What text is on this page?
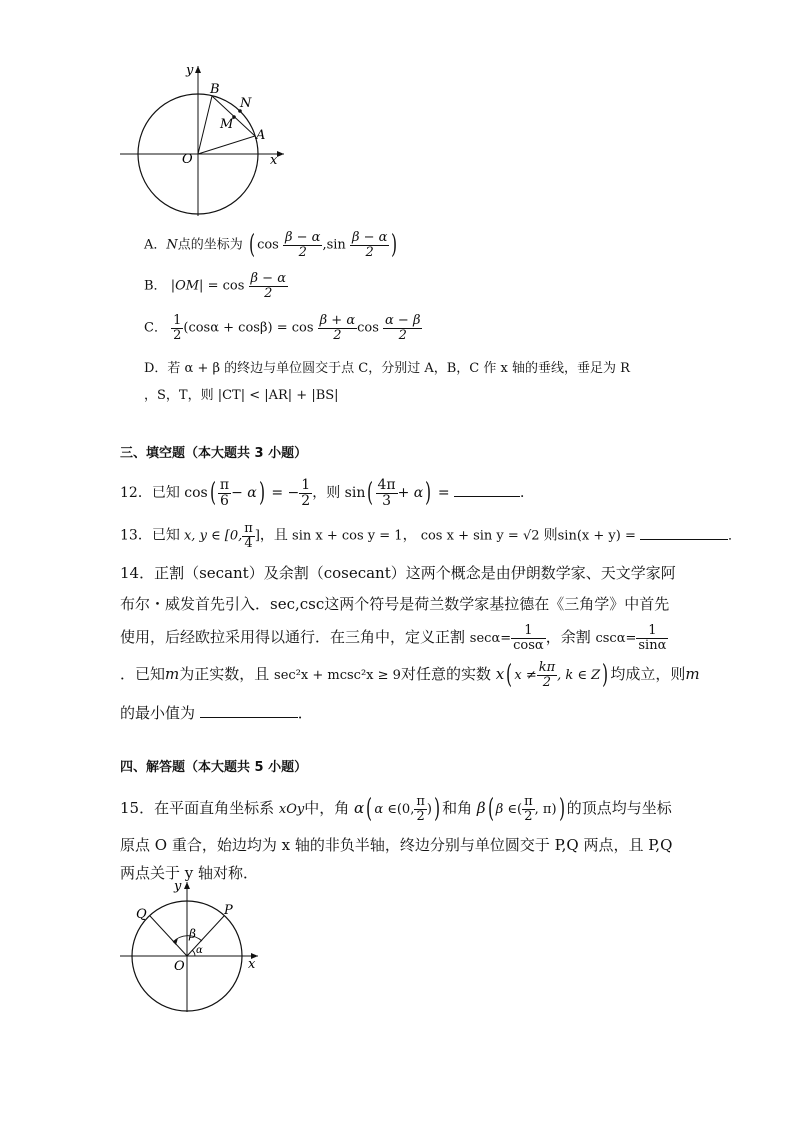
y
x
B
N
M
A
O
A．N点的坐标为 ( $\cos \frac{\beta - \alpha}{2} ,\sin \frac{\beta - \alpha}{2}$ )
B． $|OM| = \cos \frac{\beta - \alpha}{2}$
C． $\frac{1}{2} (\cos\alpha + \cos\beta) = \cos \frac{\beta + \alpha}{2}$ $\cos \frac{\alpha - \beta}{2}$
D．若 α + β 的终边与单位圆交于点 C，分别过 A，B，C 作 x 轴的垂线，垂足为 R
，S，T，则 |CT| < |AR| + |BS|
三、填空题（本大题共 3 小题）
12．已知 $\cos( \frac{\pi}{6} - \alpha)$ = − $\frac{1}{2}$ ，则 $\sin( \frac{4\pi}{3} + \alpha)$ =	．
13．已知 x, y ∈ [0, $\frac{\pi}{4}$ ]，且 sin x + cos y = 1， cos x + sin y = √2 则sin(x + y) =	．
14．正割（secant）及余割（cosecant）这两个概念是由伊朗数学家、天文学家阿
布尔・威发首先引入．sec,csc这两个符号是荷兰数学家基拉德在《三角学》中首先
使用，后经欧拉采用得以通行．在三角中，定义正割 $\sec\alpha= \frac{1}{\cos\alpha}$ ，余割 $\csc\alpha= \frac{1}{\sin\alpha}$
．已知m为正实数，且 sec²x + mcsc²x ≥ 9对任意的实数 x( $x \ne \frac{k\pi}{2}$ , k ∈ Z) 均成立，则m
的最小值为	．
四、解答题（本大题共 5 小题）
15．在平面直角坐标系 xOy中，角 α( α ∈(0, $\frac{\pi}{2}$ )) 和角 β( β ∈( $\frac{\pi}{2}$ , π)) 的顶点均与坐标
原点 O 重合，始边均为 x 轴的非负半轴，终边分别与单位圆交于 P,Q 两点，且 P,Q
两点关于 y 轴对称．
y
Q	P
β
α
O	x
